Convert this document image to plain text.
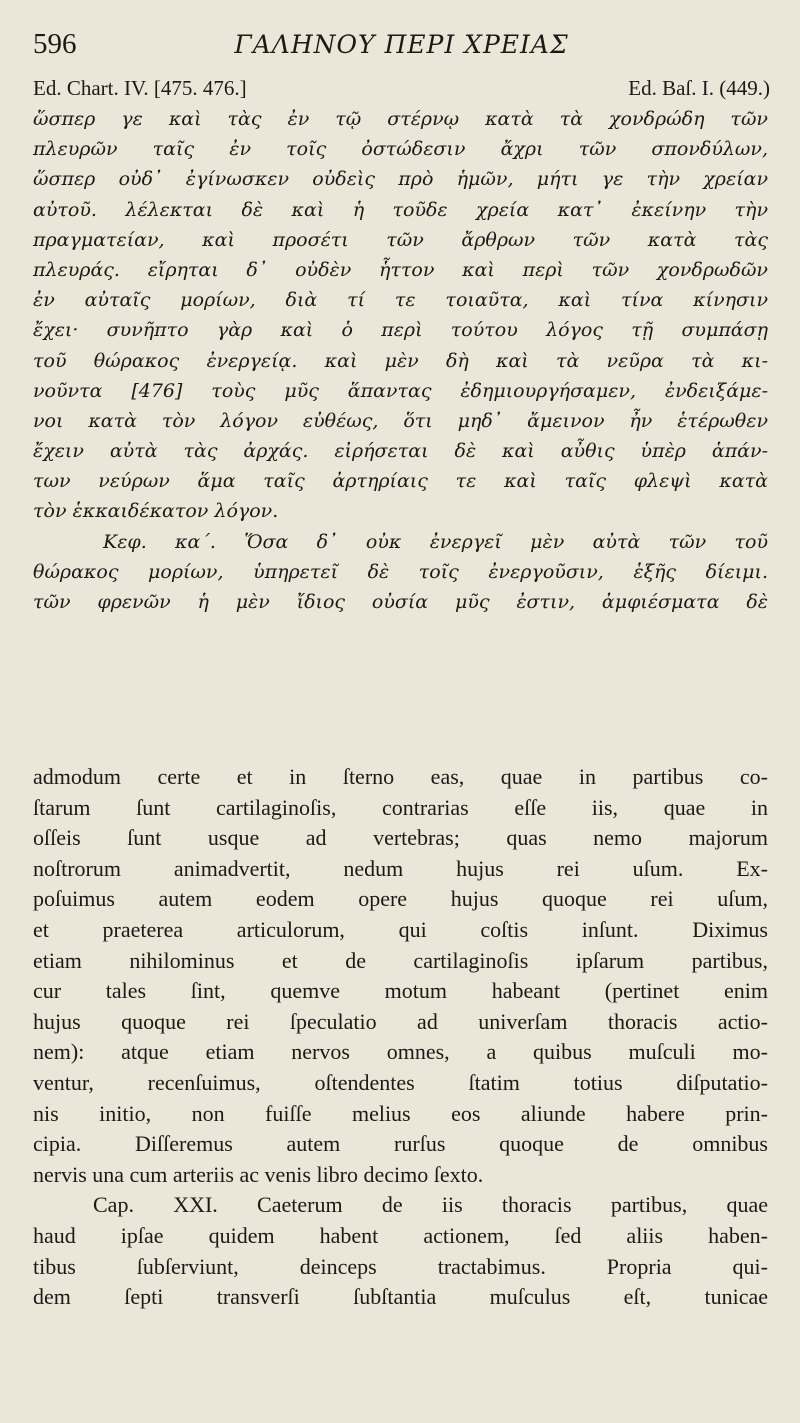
596	ΓΑΛΗΝΟΥ ΠΕΡΙ ΧΡΕΙΑΣ
Ed. Chart. IV. [475. 476.]	Ed. Baſ. I. (449.)
ὥσπερ γε καὶ τὰς ἐν τῷ στέρνῳ κατὰ τὰ χονδρώδη τῶν
πλευρῶν ταῖς ἐν τοῖς ὀστώδεσιν ἄχρι τῶν σπονδύλων,
ὥσπερ οὐδ᾽ ἐγίνωσκεν οὐδεὶς πρὸ ἡμῶν, μήτι γε τὴν χρείαν
αὐτοῦ. λέλεκται δὲ καὶ ἡ τοῦδε χρεία κατ᾽ ἐκείνην τὴν
πραγματείαν, καὶ προσέτι τῶν ἄρθρων τῶν κατὰ τὰς
πλευράς. εἴρηται δ᾽ οὐδὲν ἧττον καὶ περὶ τῶν χονδρωδῶν
ἐν αὐταῖς μορίων, διὰ τί τε τοιαῦτα, καὶ τίνα κίνησιν
ἔχει· συνῆπτο γὰρ καὶ ὁ περὶ τούτου λόγος τῇ συμπάσῃ
τοῦ θώρακος ἐνεργείᾳ. καὶ μὲν δὴ καὶ τὰ νεῦρα τὰ κι-
νοῦντα [476] τοὺς μῦς ἅπαντας ἐδημιουργήσαμεν, ἐνδειξάμε-
νοι κατὰ τὸν λόγον εὐθέως, ὅτι μηδ᾽ ἄμεινον ἦν ἑτέρωθεν
ἔχειν αὐτὰ τὰς ἀρχάς. εἰρήσεται δὲ καὶ αὖθις ὑπὲρ ἁπάν-
των νεύρων ἅμα ταῖς ἀρτηρίαις τε καὶ ταῖς φλεψὶ κατὰ
τὸν ἑκκαιδέκατον λόγον.
Κεφ. κα΄. Ὅσα δ᾽ οὐκ ἐνεργεῖ μὲν αὐτὰ τῶν τοῦ
θώρακος μορίων, ὑπηρετεῖ δὲ τοῖς ἐνεργοῦσιν, ἑξῆς δίειμι.
τῶν φρενῶν ἡ μὲν ἴδιος οὐσία μῦς ἐστιν, ἀμφιέσματα δὲ
admodum certe et in ſterno eas, quae in partibus co-
ſtarum ſunt cartilaginoſis, contrarias eſſe iis, quae in
oſſeis ſunt usque ad vertebras; quas nemo majorum
noſtrorum animadvertit, nedum hujus rei uſum. Ex-
poſuimus autem eodem opere hujus quoque rei uſum,
et praeterea articulorum, qui coſtis inſunt. Diximus
etiam nihilominus et de cartilaginoſis ipſarum partibus,
cur tales ſint, quemve motum habeant (pertinet enim
hujus quoque rei ſpeculatio ad univerſam thoracis actio-
nem): atque etiam nervos omnes, a quibus muſculi mo-
ventur, recenſuimus, oſtendentes ſtatim totius diſputatio-
nis initio, non fuiſſe melius eos aliunde habere prin-
cipia. Diſſeremus autem rurſus quoque de omnibus
nervis una cum arteriis ac venis libro decimo ſexto.
Cap. XXI. Caeterum de iis thoracis partibus, quae
haud ipſae quidem habent actionem, ſed aliis haben-
tibus ſubſerviunt, deinceps tractabimus. Propria qui-
dem ſepti transverſi ſubſtantia muſculus eſt, tunicae
